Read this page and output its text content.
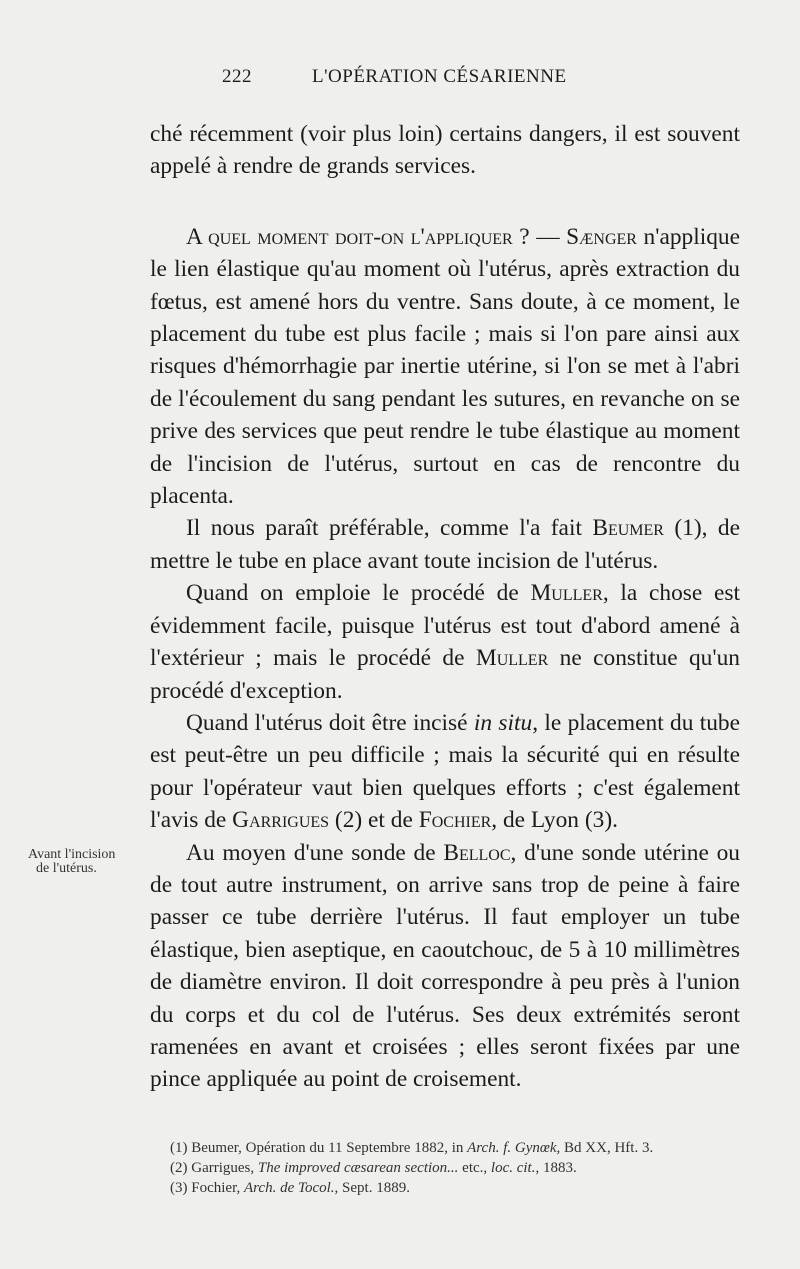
222	L'OPÉRATION CÉSARIENNE

ché récemment (voir plus loin) certains dangers, il est souvent appelé à rendre de grands services.

A quel moment doit-on l'appliquer ? — Sænger n'applique le lien élastique qu'au moment où l'utérus, après extraction du fœtus, est amené hors du ventre. Sans doute, à ce moment, le placement du tube est plus facile ; mais si l'on pare ainsi aux risques d'hémorrhagie par inertie utérine, si l'on se met à l'abri de l'écoulement du sang pendant les sutures, en revanche on se prive des services que peut rendre le tube élastique au moment de l'incision de l'utérus, surtout en cas de rencontre du placenta.

Il nous paraît préférable, comme l'a fait Beumer (1), de mettre le tube en place avant toute incision de l'utérus.

Quand on emploie le procédé de Muller, la chose est évidemment facile, puisque l'utérus est tout d'abord amené à l'extérieur ; mais le procédé de Muller ne constitue qu'un procédé d'exception.

Quand l'utérus doit être incisé in situ, le placement du tube est peut-être un peu difficile ; mais la sécurité qui en résulte pour l'opérateur vaut bien quelques efforts ; c'est également l'avis de Garrigues (2) et de Fochier, de Lyon (3).

Au moyen d'une sonde de Belloc, d'une sonde utérine ou de tout autre instrument, on arrive sans trop de peine à faire passer ce tube derrière l'utérus. Il faut employer un tube élastique, bien aseptique, en caoutchouc, de 5 à 10 millimètres de diamètre environ. Il doit correspondre à peu près à l'union du corps et du col de l'utérus. Ses deux extrémités seront ramenées en avant et croisées ; elles seront fixées par une pince appliquée au point de croisement.

Avant l'incision
de l'utérus.

(1) Beumer, Opération du 11 Septembre 1882, in Arch. f. Gynœk, Bd XX, Hft. 3.

(2) Garrigues, The improved cæsarean section... etc., loc. cit., 1883.

(3) Fochier, Arch. de Tocol., Sept. 1889.
